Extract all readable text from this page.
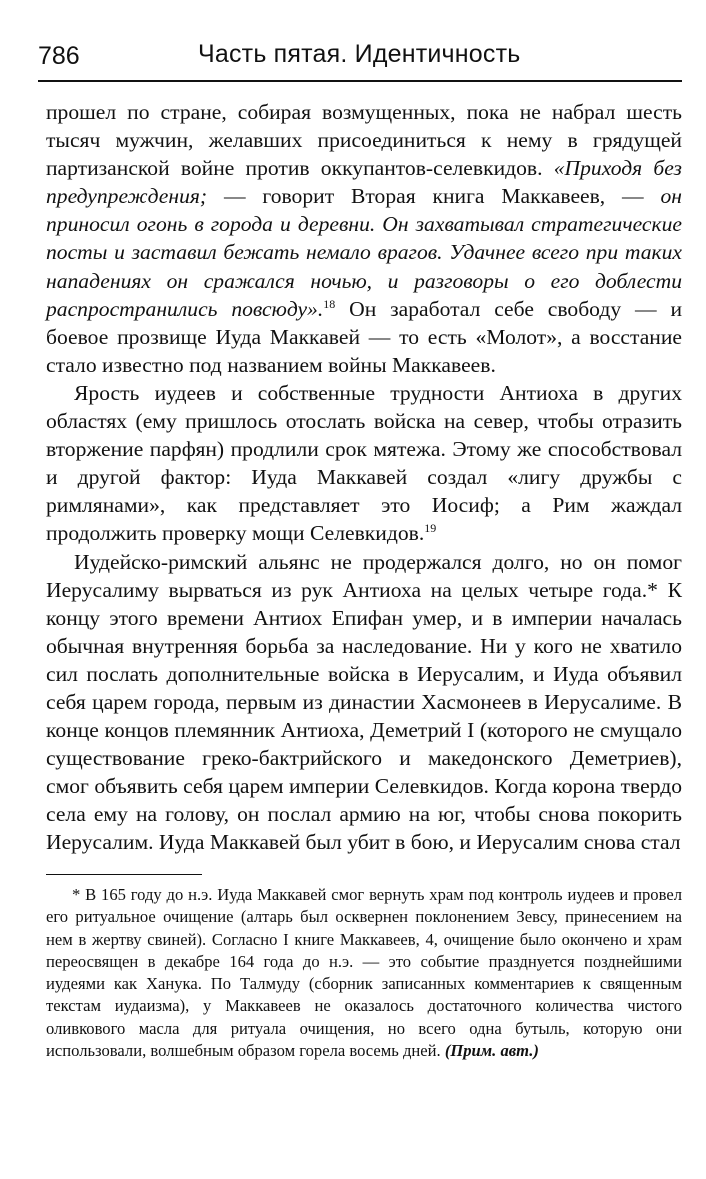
786	Часть пятая. Идентичность

прошел по стране, собирая возмущенных, пока не набрал шесть тысяч мужчин, желавших присоединиться к нему в грядущей партизанской войне против оккупантов-селевкидов. «Приходя без предупреждения; — говорит Вторая книга Маккавеев, — он приносил огонь в города и деревни. Он захватывал стратегические посты и заставил бежать немало врагов. Удачнее всего при таких нападениях он сражался ночью, и разговоры о его доблести распространились повсюду».$^{18}$ Он заработал себе свободу — и боевое прозвище Иуда Маккавей — то есть «Молот», а восстание стало известно под названием войны Маккавеев.

Ярость иудеев и собственные трудности Антиоха в других областях (ему пришлось отослать войска на север, чтобы отразить вторжение парфян) продлили срок мятежа. Этому же способствовал и другой фактор: Иуда Маккавей создал «лигу дружбы с римлянами», как представляет это Иосиф; а Рим жаждал продолжить проверку мощи Селевкидов.$^{19}$

Иудейско-римский альянс не продержался долго, но он помог Иерусалиму вырваться из рук Антиоха на целых четыре года.* К концу этого времени Антиох Епифан умер, и в империи началась обычная внутренняя борьба за наследование. Ни у кого не хватило сил послать дополнительные войска в Иерусалим, и Иуда объявил себя царем города, первым из династии Хасмонеев в Иерусалиме. В конце концов племянник Антиоха, Деметрий I (которого не смущало существование греко-бактрийского и македонского Деметриев), смог объявить себя царем империи Селевкидов. Когда корона твердо села ему на голову, он послал армию на юг, чтобы снова покорить Иерусалим. Иуда Маккавей был убит в бою, и Иерусалим снова стал

* В 165 году до н.э. Иуда Маккавей смог вернуть храм под контроль иудеев и провел его ритуальное очищение (алтарь был осквернен поклонением Зевсу, принесением на нем в жертву свиней). Согласно I книге Маккавеев, 4, очищение было окончено и храм переосвящен в декабре 164 года до н.э. — это событие празднуется позднейшими иудеями как Ханука. По Талмуду (сборник записанных комментариев к священным текстам иудаизма), у Маккавеев не оказалось достаточного количества чистого оливкового масла для ритуала очищения, но всего одна бутыль, которую они использовали, волшебным образом горела восемь дней. (Прим. авт.)
